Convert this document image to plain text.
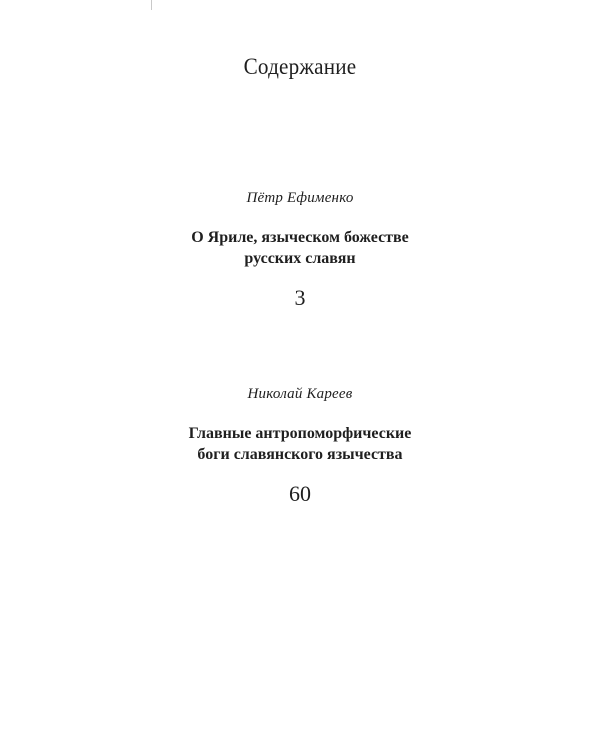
Содержание
Пётр Ефименко
О Яриле, языческом божестве
русских славян
3
Николай Кареев
Главные антропоморфические
боги славянского язычества
60
